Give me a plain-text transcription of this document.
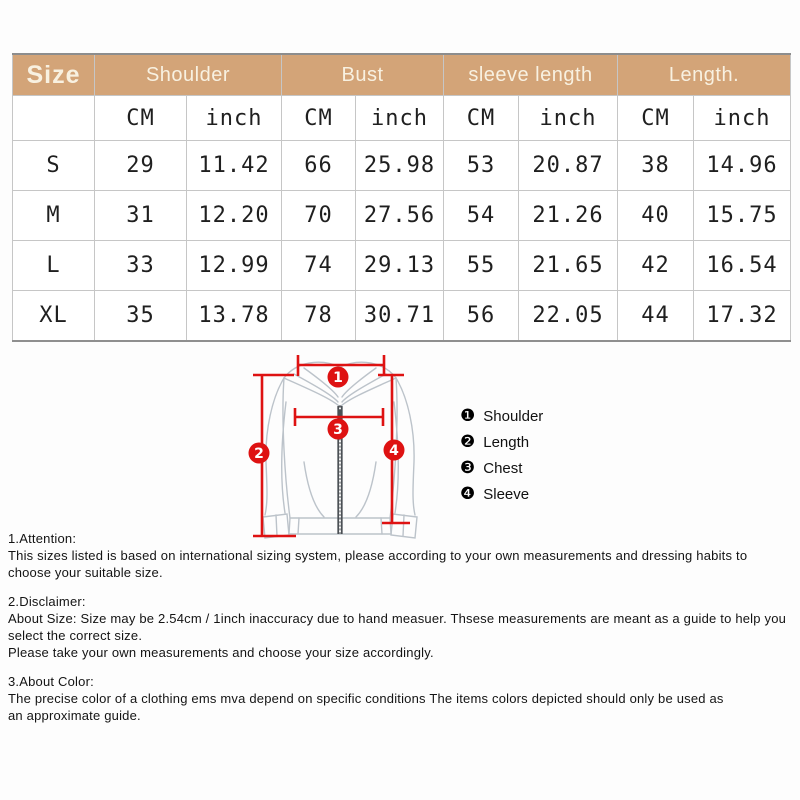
Size	Shoulder		Bust		sleeve length		Length.	
	CM	inch	CM	inch	CM	inch	CM	inch
S	29	11.42	66	25.98	53	20.87	38	14.96
M	31	12.20	70	27.56	54	21.26	40	15.75
L	33	12.99	74	29.13	55	21.65	42	16.54
XL	35	13.78	78	30.71	56	22.05	44	17.32
1
2
3
4
❶ Shoulder
❷ Length
❸ Chest
❹ Sleeve
1.Attention:
This sizes listed is based on international sizing system, please according to your own measurements and dressing habits to choose your suitable size.
2.Disclaimer:
About Size: Size may be 2.54cm / 1inch inaccuracy due to hand measuer. Thsese measurements are meant as a guide to help you select the correct size.
Please take your own measurements and choose your size accordingly.
3.About Color:
The precise color of a clothing ems mva depend on specific conditions The items colors depicted should only be used as
an approximate guide.
